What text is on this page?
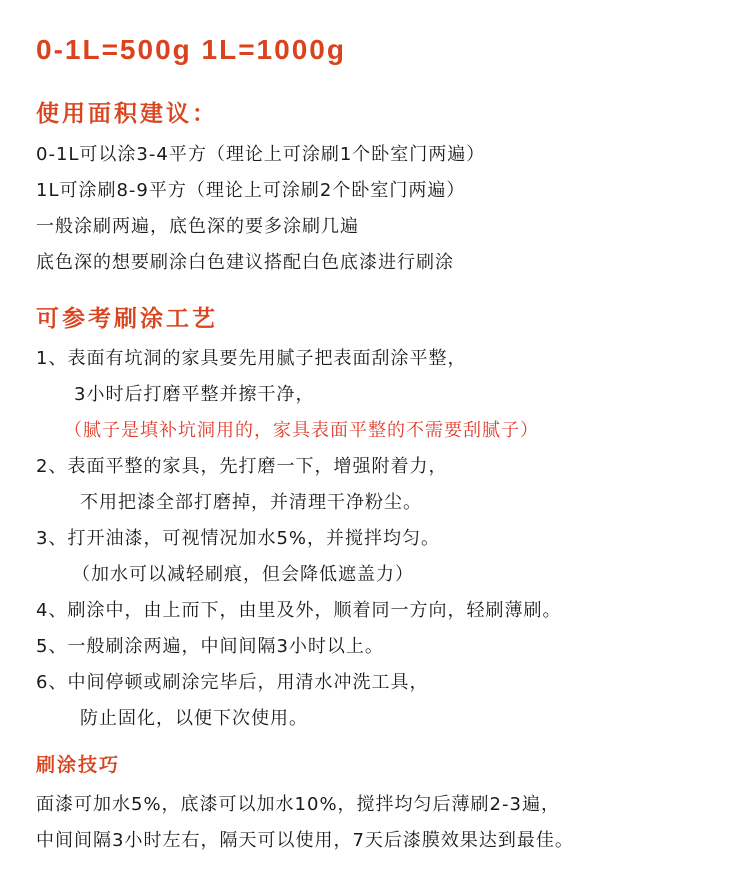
0-1L=500g 1L=1000g
使用面积建议：
0-1L可以涂3-4平方（理论上可涂刷1个卧室门两遍）
1L可涂刷8-9平方（理论上可涂刷2个卧室门两遍）
一般涂刷两遍，底色深的要多涂刷几遍
底色深的想要刷涂白色建议搭配白色底漆进行刷涂
可参考刷涂工艺
1、表面有坑洞的家具要先用腻子把表面刮涂平整，
3小时后打磨平整并擦干净，
（腻子是填补坑洞用的，家具表面平整的不需要刮腻子）
2、表面平整的家具，先打磨一下，增强附着力，
不用把漆全部打磨掉，并清理干净粉尘。
3、打开油漆，可视情况加水5%，并搅拌均匀。
（加水可以减轻刷痕，但会降低遮盖力）
4、刷涂中，由上而下，由里及外，顺着同一方向，轻刷薄刷。
5、一般刷涂两遍，中间间隔3小时以上。
6、中间停顿或刷涂完毕后，用清水冲洗工具，
防止固化，以便下次使用。
刷涂技巧
面漆可加水5%，底漆可以加水10%，搅拌均匀后薄刷2-3遍，
中间间隔3小时左右，隔天可以使用，7天后漆膜效果达到最佳。
